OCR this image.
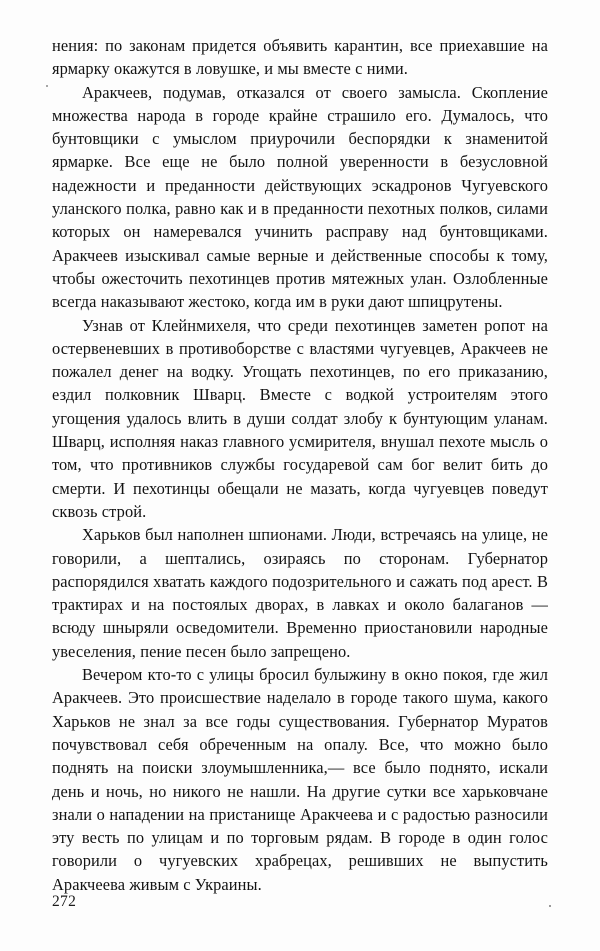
нения: по законам придется объявить карантин, все приехавшие на ярмарку окажутся в ловушке, и мы вместе с ними.

Аракчеев, подумав, отказался от своего замысла. Скопление множества народа в городе крайне страшило его. Думалось, что бунтовщики с умыслом приурочили беспорядки к знаменитой ярмарке. Все еще не было полной уверенности в безусловной надежности и преданности действующих эскадронов Чугуевского уланского полка, равно как и в преданности пехотных полков, силами которых он намеревался учинить расправу над бунтовщиками. Аракчеев изыскивал самые верные и действенные способы к тому, чтобы ожесточить пехотинцев против мятежных улан. Озлобленные всегда наказывают жестоко, когда им в руки дают шпицрутены.

Узнав от Клейнмихеля, что среди пехотинцев заметен ропот на остервеневших в противоборстве с властями чугуевцев, Аракчеев не пожалел денег на водку. Угощать пехотинцев, по его приказанию, ездил полковник Шварц. Вместе с водкой устроителям этого угощения удалось влить в души солдат злобу к бунтующим уланам. Шварц, исполняя наказ главного усмирителя, внушал пехоте мысль о том, что противников службы государевой сам бог велит бить до смерти. И пехотинцы обещали не мазать, когда чугуевцев поведут сквозь строй.

Харьков был наполнен шпионами. Люди, встречаясь на улице, не говорили, а шептались, озираясь по сторонам. Губернатор распорядился хватать каждого подозрительного и сажать под арест. В трактирах и на постоялых дворах, в лавках и около балаганов — всюду шныряли осведомители. Временно приостановили народные увеселения, пение песен было запрещено.

Вечером кто-то с улицы бросил булыжину в окно покоя, где жил Аракчеев. Это происшествие наделало в городе такого шума, какого Харьков не знал за все годы существования. Губернатор Муратов почувствовал себя обреченным на опалу. Все, что можно было поднять на поиски злоумышленника,— все было поднято, искали день и ночь, но никого не нашли. На другие сутки все харьковчане знали о нападении на пристанище Аракчеева и с радостью разносили эту весть по улицам и по торговым рядам. В городе в один голос говорили о чугуевских храбрецах, решивших не выпустить Аракчеева живым с Украины.

272
